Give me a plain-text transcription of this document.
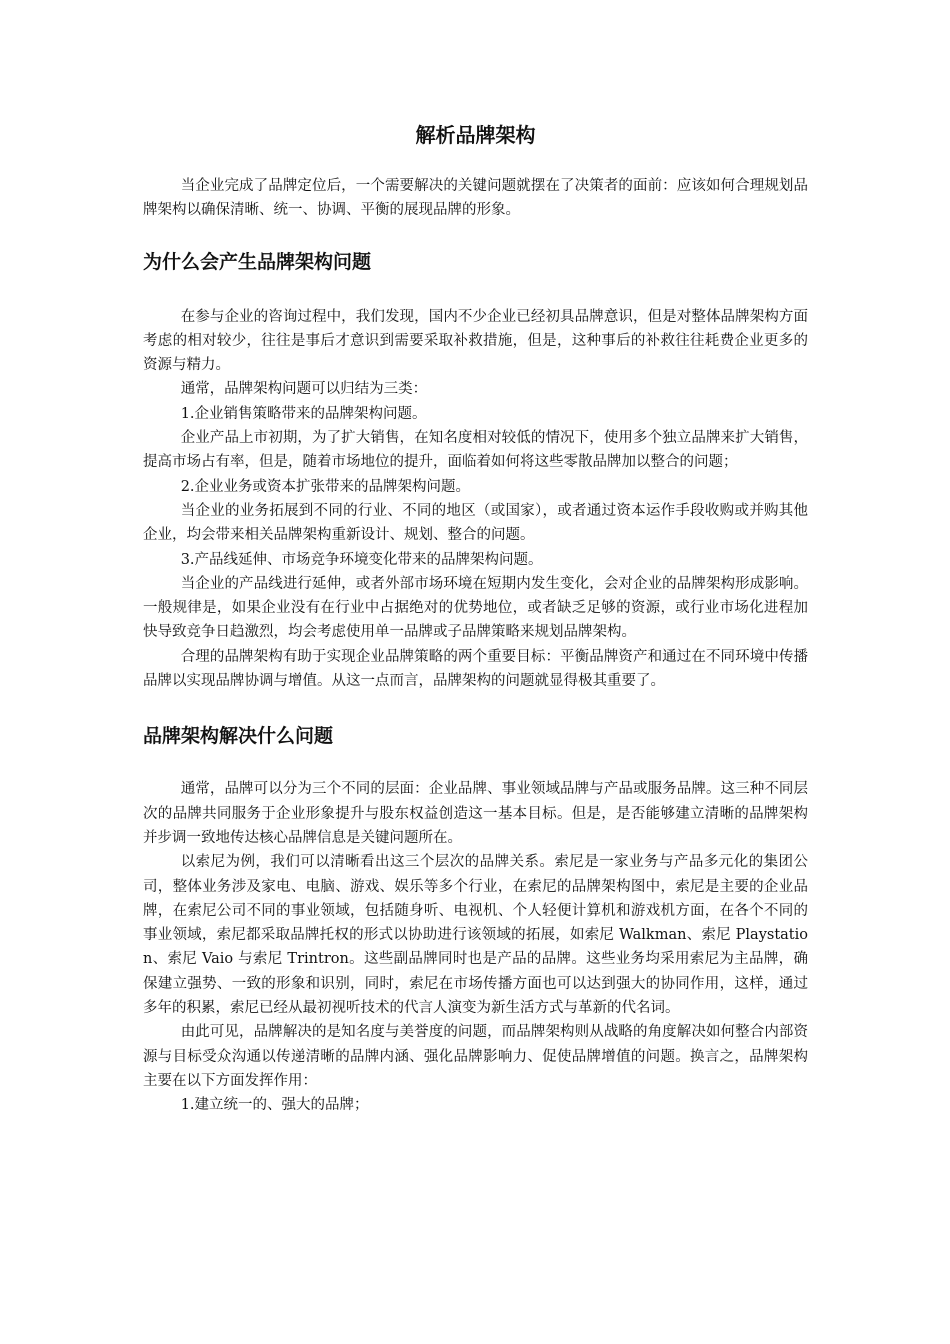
解析品牌架构

当企业完成了品牌定位后，一个需要解决的关键问题就摆在了决策者的面前：应该如何合理规划品牌架构以确保清晰、统一、协调、平衡的展现品牌的形象。

为什么会产生品牌架构问题

在参与企业的咨询过程中，我们发现，国内不少企业已经初具品牌意识，但是对整体品牌架构方面考虑的相对较少，往往是事后才意识到需要采取补救措施，但是，这种事后的补救往往耗费企业更多的资源与精力。

通常，品牌架构问题可以归结为三类：

1.企业销售策略带来的品牌架构问题。

企业产品上市初期，为了扩大销售，在知名度相对较低的情况下，使用多个独立品牌来扩大销售，提高市场占有率，但是，随着市场地位的提升，面临着如何将这些零散品牌加以整合的问题；

2.企业业务或资本扩张带来的品牌架构问题。

当企业的业务拓展到不同的行业、不同的地区（或国家），或者通过资本运作手段收购或并购其他企业，均会带来相关品牌架构重新设计、规划、整合的问题。

3.产品线延伸、市场竞争环境变化带来的品牌架构问题。

当企业的产品线进行延伸，或者外部市场环境在短期内发生变化，会对企业的品牌架构形成影响。一般规律是，如果企业没有在行业中占据绝对的优势地位，或者缺乏足够的资源，或行业市场化进程加快导致竞争日趋激烈，均会考虑使用单一品牌或子品牌策略来规划品牌架构。

合理的品牌架构有助于实现企业品牌策略的两个重要目标：平衡品牌资产和通过在不同环境中传播品牌以实现品牌协调与增值。从这一点而言，品牌架构的问题就显得极其重要了。

品牌架构解决什么问题

通常，品牌可以分为三个不同的层面：企业品牌、事业领域品牌与产品或服务品牌。这三种不同层次的品牌共同服务于企业形象提升与股东权益创造这一基本目标。但是，是否能够建立清晰的品牌架构并步调一致地传达核心品牌信息是关键问题所在。

以索尼为例，我们可以清晰看出这三个层次的品牌关系。索尼是一家业务与产品多元化的集团公司，整体业务涉及家电、电脑、游戏、娱乐等多个行业，在索尼的品牌架构图中，索尼是主要的企业品牌，在索尼公司不同的事业领域，包括随身听、电视机、个人轻便计算机和游戏机方面，在各个不同的事业领域，索尼都采取品牌托权的形式以协助进行该领域的拓展，如索尼 Walkman、索尼 Playstation、索尼 Vaio 与索尼 Trintron。这些副品牌同时也是产品的品牌。这些业务均采用索尼为主品牌，确保建立强势、一致的形象和识别，同时，索尼在市场传播方面也可以达到强大的协同作用，这样，通过多年的积累，索尼已经从最初视听技术的代言人演变为新生活方式与革新的代名词。

由此可见，品牌解决的是知名度与美誉度的问题，而品牌架构则从战略的角度解决如何整合内部资源与目标受众沟通以传递清晰的品牌内涵、强化品牌影响力、促使品牌增值的问题。换言之，品牌架构主要在以下方面发挥作用：

1.建立统一的、强大的品牌；
